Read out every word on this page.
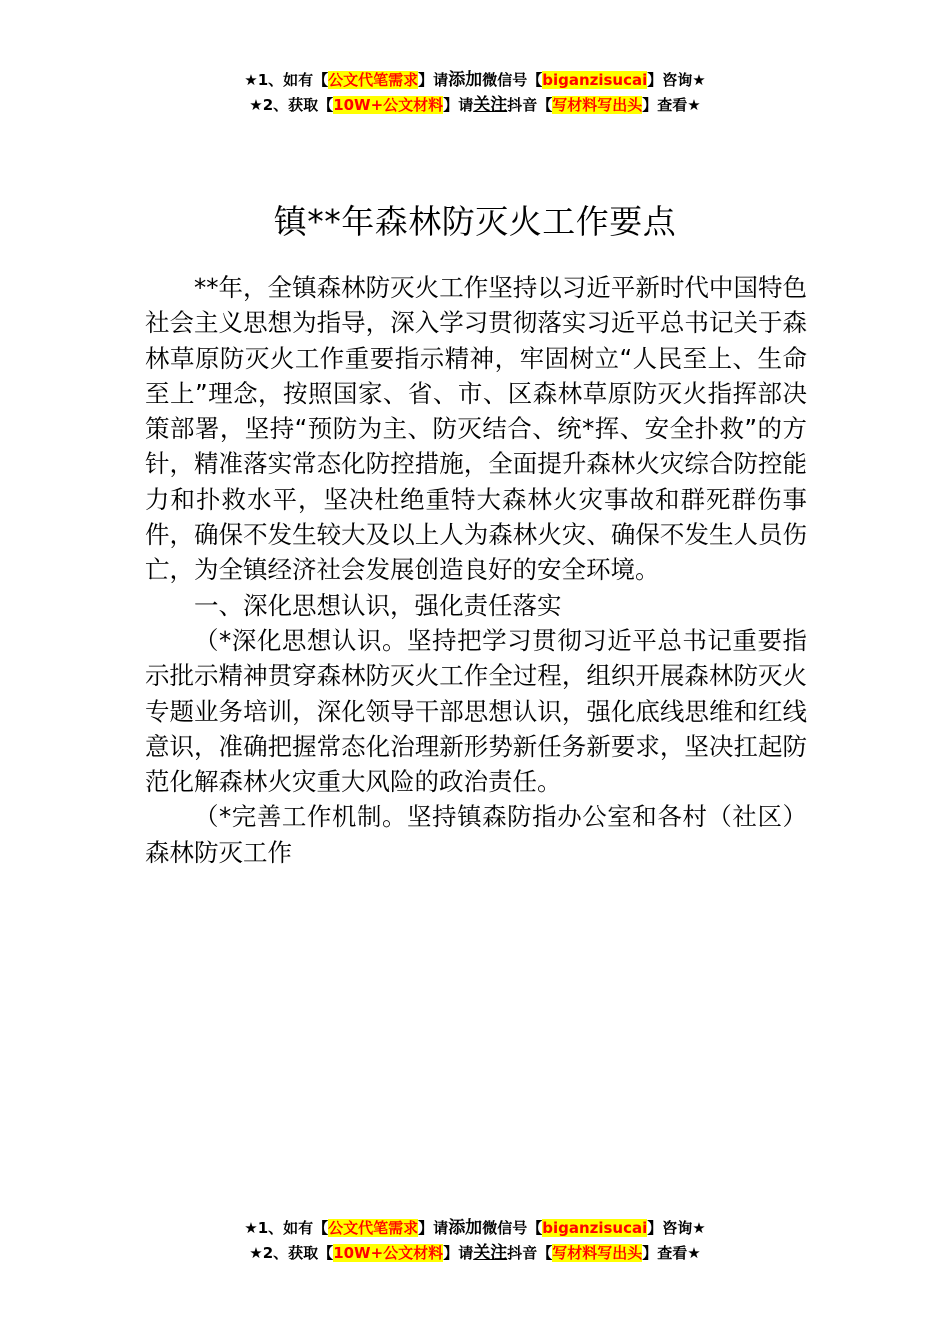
★1、如有【公文代笔需求】请添加微信号【biganzisucai】咨询★
★2、获取【10W+公文材料】请关注抖音【写材料写出头】查看★
镇**年森林防灭火工作要点

**年，全镇森林防灭火工作坚持以习近平新时代中国特色社会主义思想为指导，深入学习贯彻落实习近平总书记关于森林草原防灭火工作重要指示精神，牢固树立“人民至上、生命至上”理念，按照国家、省、市、区森林草原防灭火指挥部决策部署，坚持“预防为主、防灭结合、统*挥、安全扑救”的方针，精准落实常态化防控措施，全面提升森林火灾综合防控能力和扑救水平，坚决杜绝重特大森林火灾事故和群死群伤事件，确保不发生较大及以上人为森林火灾、确保不发生人员伤亡，为全镇经济社会发展创造良好的安全环境。

一、深化思想认识，强化责任落实

（*深化思想认识。坚持把学习贯彻习近平总书记重要指示批示精神贯穿森林防灭火工作全过程，组织开展森林防灭火专题业务培训，深化领导干部思想认识，强化底线思维和红线意识，准确把握常态化治理新形势新任务新要求，坚决扛起防范化解森林火灾重大风险的政治责任。

（*完善工作机制。坚持镇森防指办公室和各村（社区）森林防灭工作

★1、如有【公文代笔需求】请添加微信号【biganzisucai】咨询★
★2、获取【10W+公文材料】请关注抖音【写材料写出头】查看★
